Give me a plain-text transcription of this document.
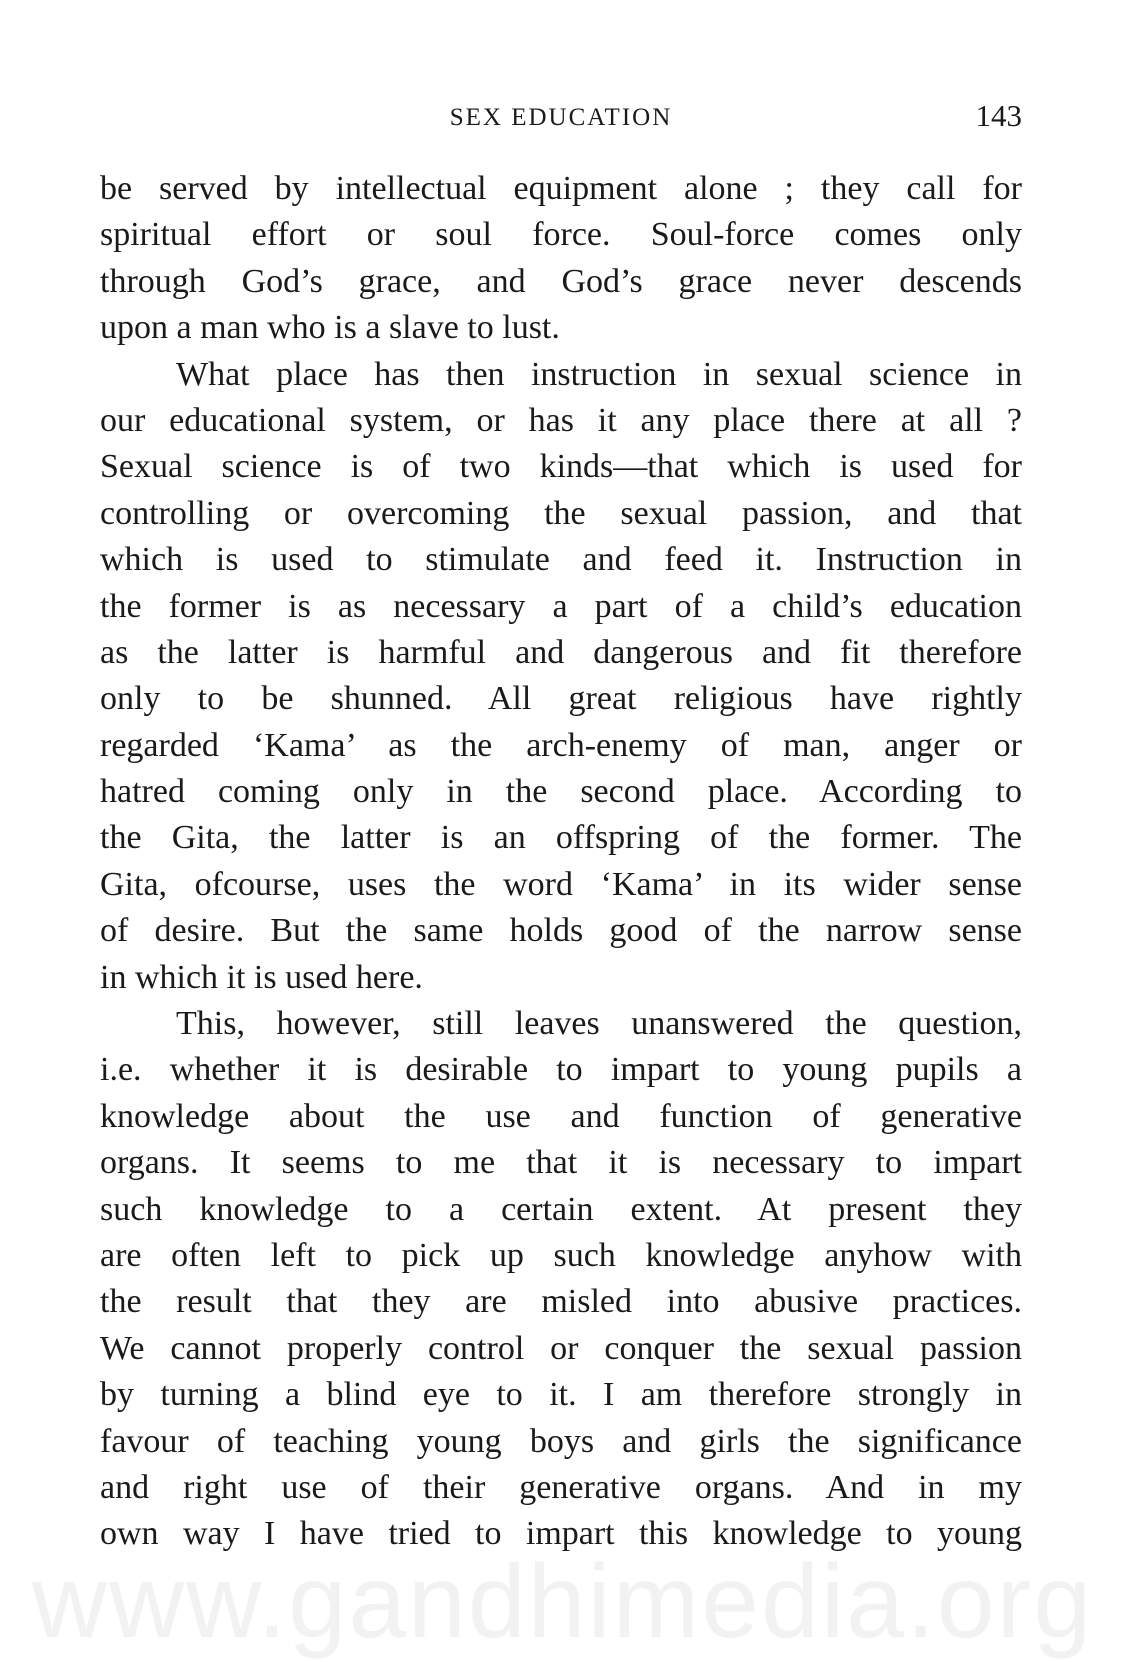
SEX EDUCATION	143
be served by intellectual equipment alone ; they call for
spiritual effort or soul force. Soul-force comes only
through God’s grace, and God’s grace never descends
upon a man who is a slave to lust.
What place has then instruction in sexual science in
our educational system, or has it any place there at all ?
Sexual science is of two kinds—that which is used for
controlling or overcoming the sexual passion, and that
which is used to stimulate and feed it. Instruction in
the former is as necessary a part of a child’s education
as the latter is harmful and dangerous and fit therefore
only to be shunned. All great religious have rightly
regarded ‘Kama’ as the arch-enemy of man, anger or
hatred coming only in the second place. According to
the Gita, the latter is an offspring of the former. The
Gita, ofcourse, uses the word ‘Kama’ in its wider sense
of desire. But the same holds good of the narrow sense
in which it is used here.
This, however, still leaves unanswered the question,
i.e. whether it is desirable to impart to young pupils a
knowledge about the use and function of generative
organs. It seems to me that it is necessary to impart
such knowledge to a certain extent. At present they
are often left to pick up such knowledge anyhow with
the result that they are misled into abusive practices.
We cannot properly control or conquer the sexual passion
by turning a blind eye to it. I am therefore strongly in
favour of teaching young boys and girls the significance
and right use of their generative organs. And in my
own way I have tried to impart this knowledge to young
www.gandhimedia.org
